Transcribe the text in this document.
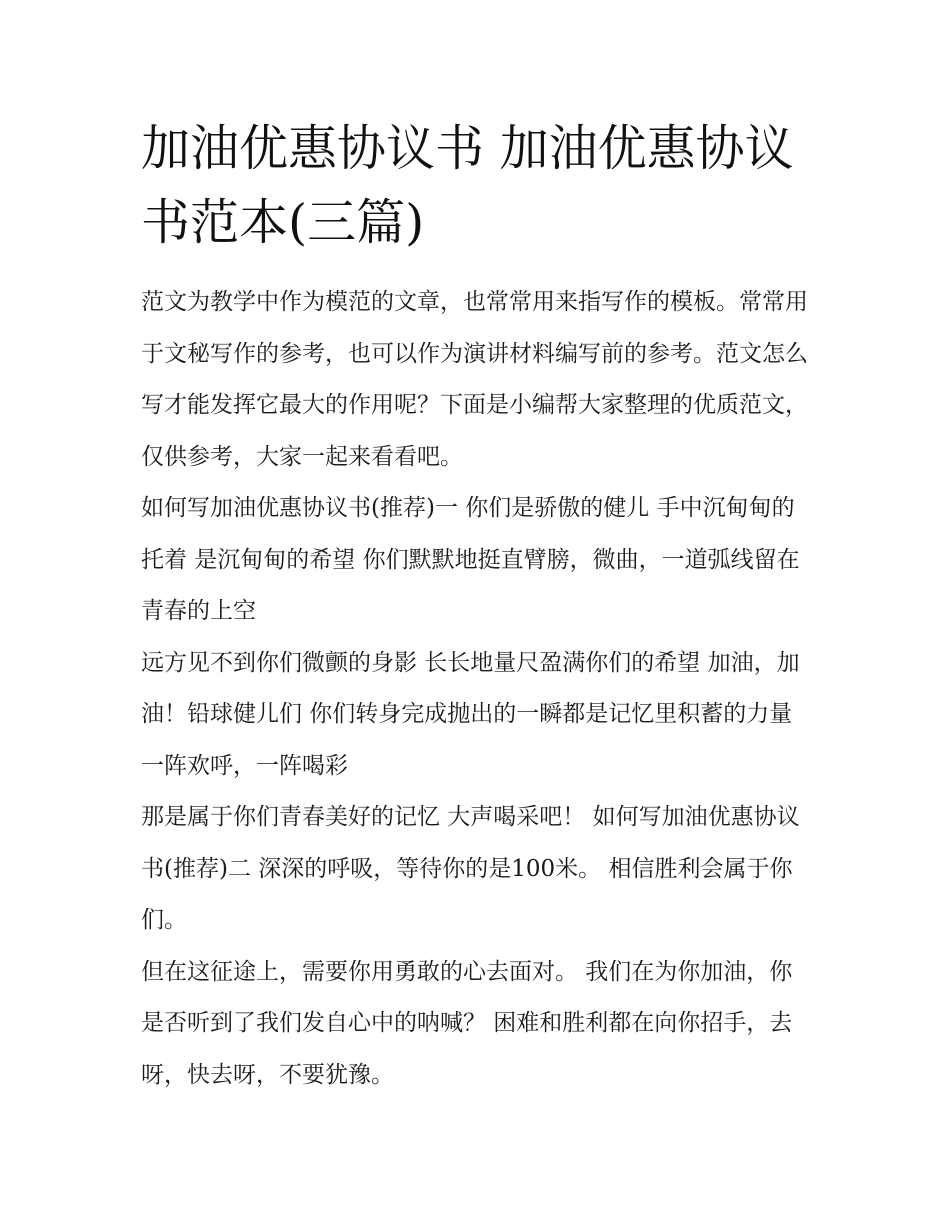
加油优惠协议书 加油优惠协议书范本(三篇)

范文为教学中作为模范的文章，也常常用来指写作的模板。常常用于文秘写作的参考，也可以作为演讲材料编写前的参考。范文怎么写才能发挥它最大的作用呢？下面是小编帮大家整理的优质范文，仅供参考，大家一起来看看吧。

如何写加油优惠协议书(推荐)一 你们是骄傲的健儿 手中沉甸甸的托着 是沉甸甸的希望 你们默默地挺直臂膀，微曲，一道弧线留在青春的上空

远方见不到你们微颤的身影 长长地量尺盈满你们的希望 加油，加油！铅球健儿们 你们转身完成抛出的一瞬都是记忆里积蓄的力量 一阵欢呼，一阵喝彩

那是属于你们青春美好的记忆 大声喝采吧！ 如何写加油优惠协议书(推荐)二 深深的呼吸，等待你的是100米。 相信胜利会属于你们。

但在这征途上，需要你用勇敢的心去面对。 我们在为你加油，你是否听到了我们发自心中的呐喊？ 困难和胜利都在向你招手，去呀，快去呀，不要犹豫。
